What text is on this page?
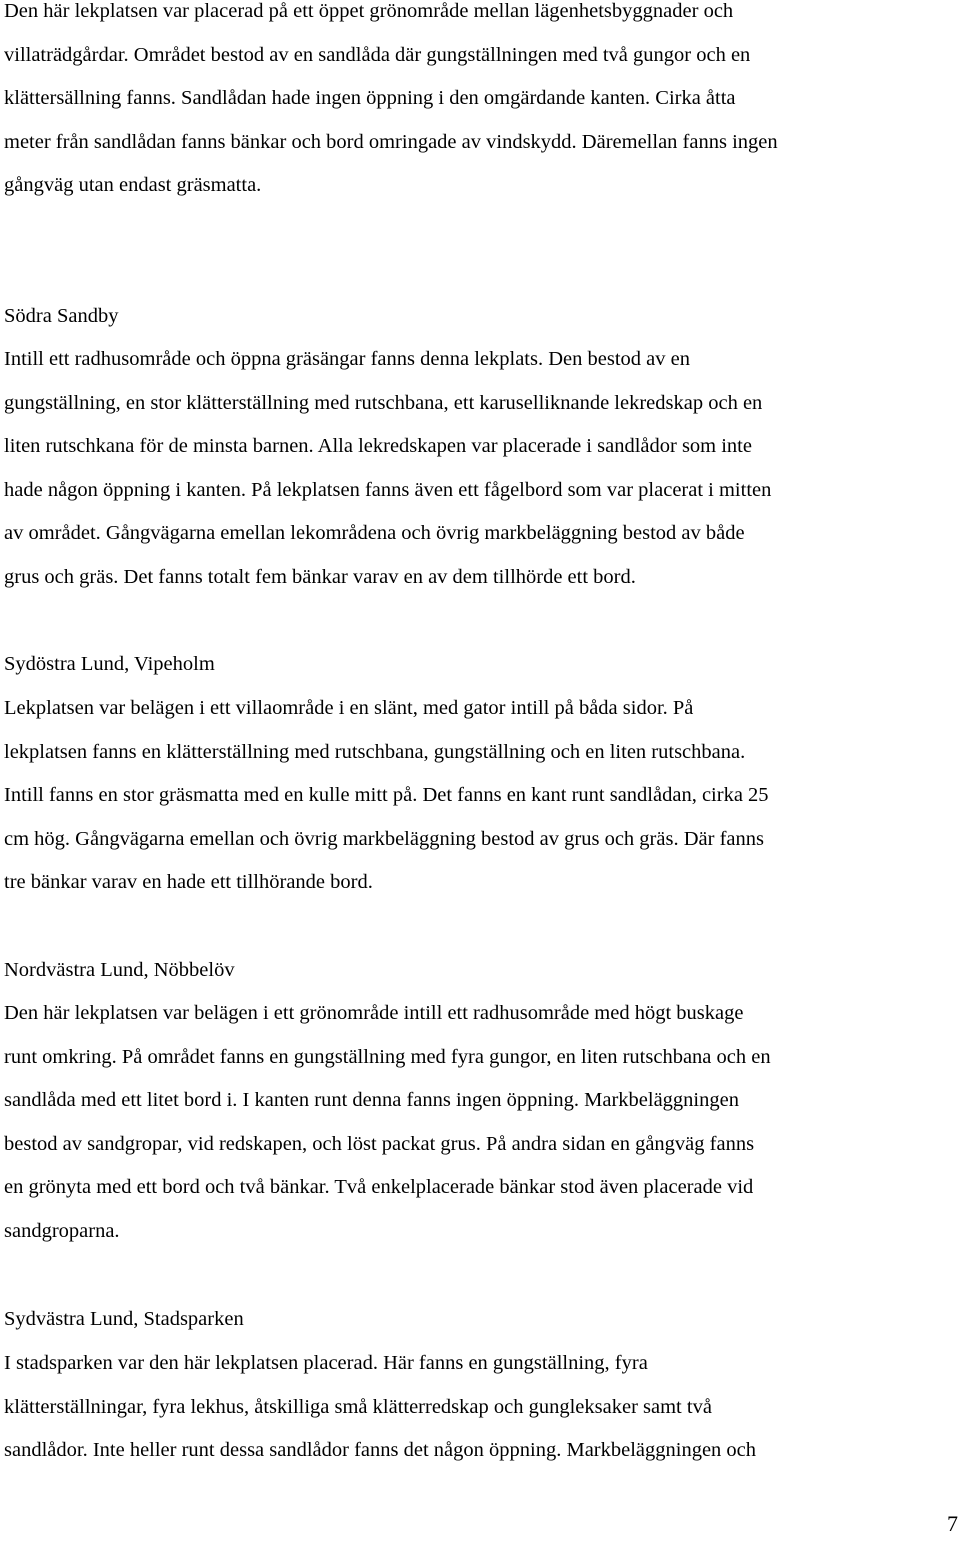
Den här lekplatsen var placerad på ett öppet grönområde mellan lägenhetsbyggnader och
villaträdgårdar. Området bestod av en sandlåda där gungställningen med två gungor och en
klättersällning fanns. Sandlådan hade ingen öppning i den omgärdande kanten. Cirka åtta
meter från sandlådan fanns bänkar och bord omringade av vindskydd. Däremellan fanns ingen
gångväg utan endast gräsmatta.
Södra Sandby
Intill ett radhusområde och öppna gräsängar fanns denna lekplats. Den bestod av en
gungställning, en stor klätterställning med rutschbana, ett karuselliknande lekredskap och en
liten rutschkana för de minsta barnen. Alla lekredskapen var placerade i sandlådor som inte
hade någon öppning i kanten. På lekplatsen fanns även ett fågelbord som var placerat i mitten
av området. Gångvägarna emellan lekområdena och övrig markbeläggning bestod av både
grus och gräs. Det fanns totalt fem bänkar varav en av dem tillhörde ett bord.
Sydöstra Lund, Vipeholm
Lekplatsen var belägen i ett villaområde i en slänt, med gator intill på båda sidor. På
lekplatsen fanns en klätterställning med rutschbana, gungställning och en liten rutschbana.
Intill fanns en stor gräsmatta med en kulle mitt på. Det fanns en kant runt sandlådan, cirka 25
cm hög. Gångvägarna emellan och övrig markbeläggning bestod av grus och gräs. Där fanns
tre bänkar varav en hade ett tillhörande bord.
Nordvästra Lund, Nöbbelöv
Den här lekplatsen var belägen i ett grönområde intill ett radhusområde med högt buskage
runt omkring. På området fanns en gungställning med fyra gungor, en liten rutschbana och en
sandlåda med ett litet bord i. I kanten runt denna fanns ingen öppning. Markbeläggningen
bestod av sandgropar, vid redskapen, och löst packat grus. På andra sidan en gångväg fanns
en grönyta med ett bord och två bänkar. Två enkelplacerade bänkar stod även placerade vid
sandgroparna.
Sydvästra Lund, Stadsparken
I stadsparken var den här lekplatsen placerad. Här fanns en gungställning, fyra
klätterställningar, fyra lekhus, åtskilliga små klätterredskap och gungleksaker samt två
sandlådor. Inte heller runt dessa sandlådor fanns det någon öppning. Markbeläggningen och
7
